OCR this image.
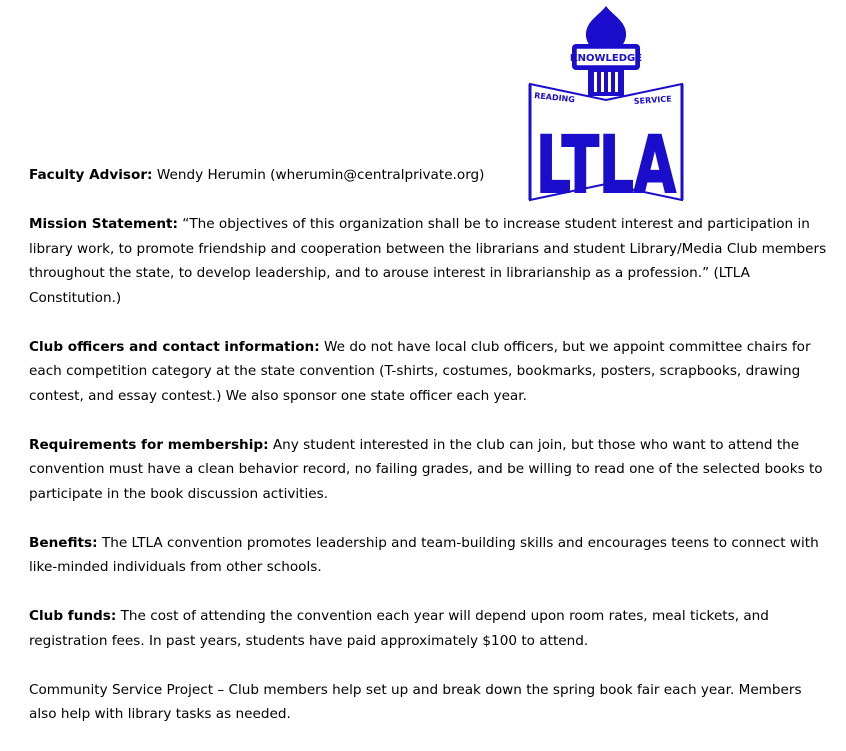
KNOWLEDGE
READING	SERVICE
LTLA

Faculty Advisor: Wendy Herumin (wherumin@centralprivate.org)

Mission Statement: “The objectives of this organization shall be to increase student interest and participation in library work, to promote friendship and cooperation between the librarians and student Library/Media Club members throughout the state, to develop leadership, and to arouse interest in librarianship as a profession.” (LTLA Constitution.)

Club officers and contact information: We do not have local club officers, but we appoint committee chairs for each competition category at the state convention (T-shirts, costumes, bookmarks, posters, scrapbooks, drawing contest, and essay contest.) We also sponsor one state officer each year.

Requirements for membership: Any student interested in the club can join, but those who want to attend the convention must have a clean behavior record, no failing grades, and be willing to read one of the selected books to participate in the book discussion activities.

Benefits: The LTLA convention promotes leadership and team-building skills and encourages teens to connect with like-minded individuals from other schools.

Club funds: The cost of attending the convention each year will depend upon room rates, meal tickets, and registration fees. In past years, students have paid approximately $100 to attend.

Community Service Project – Club members help set up and break down the spring book fair each year. Members also help with library tasks as needed.
